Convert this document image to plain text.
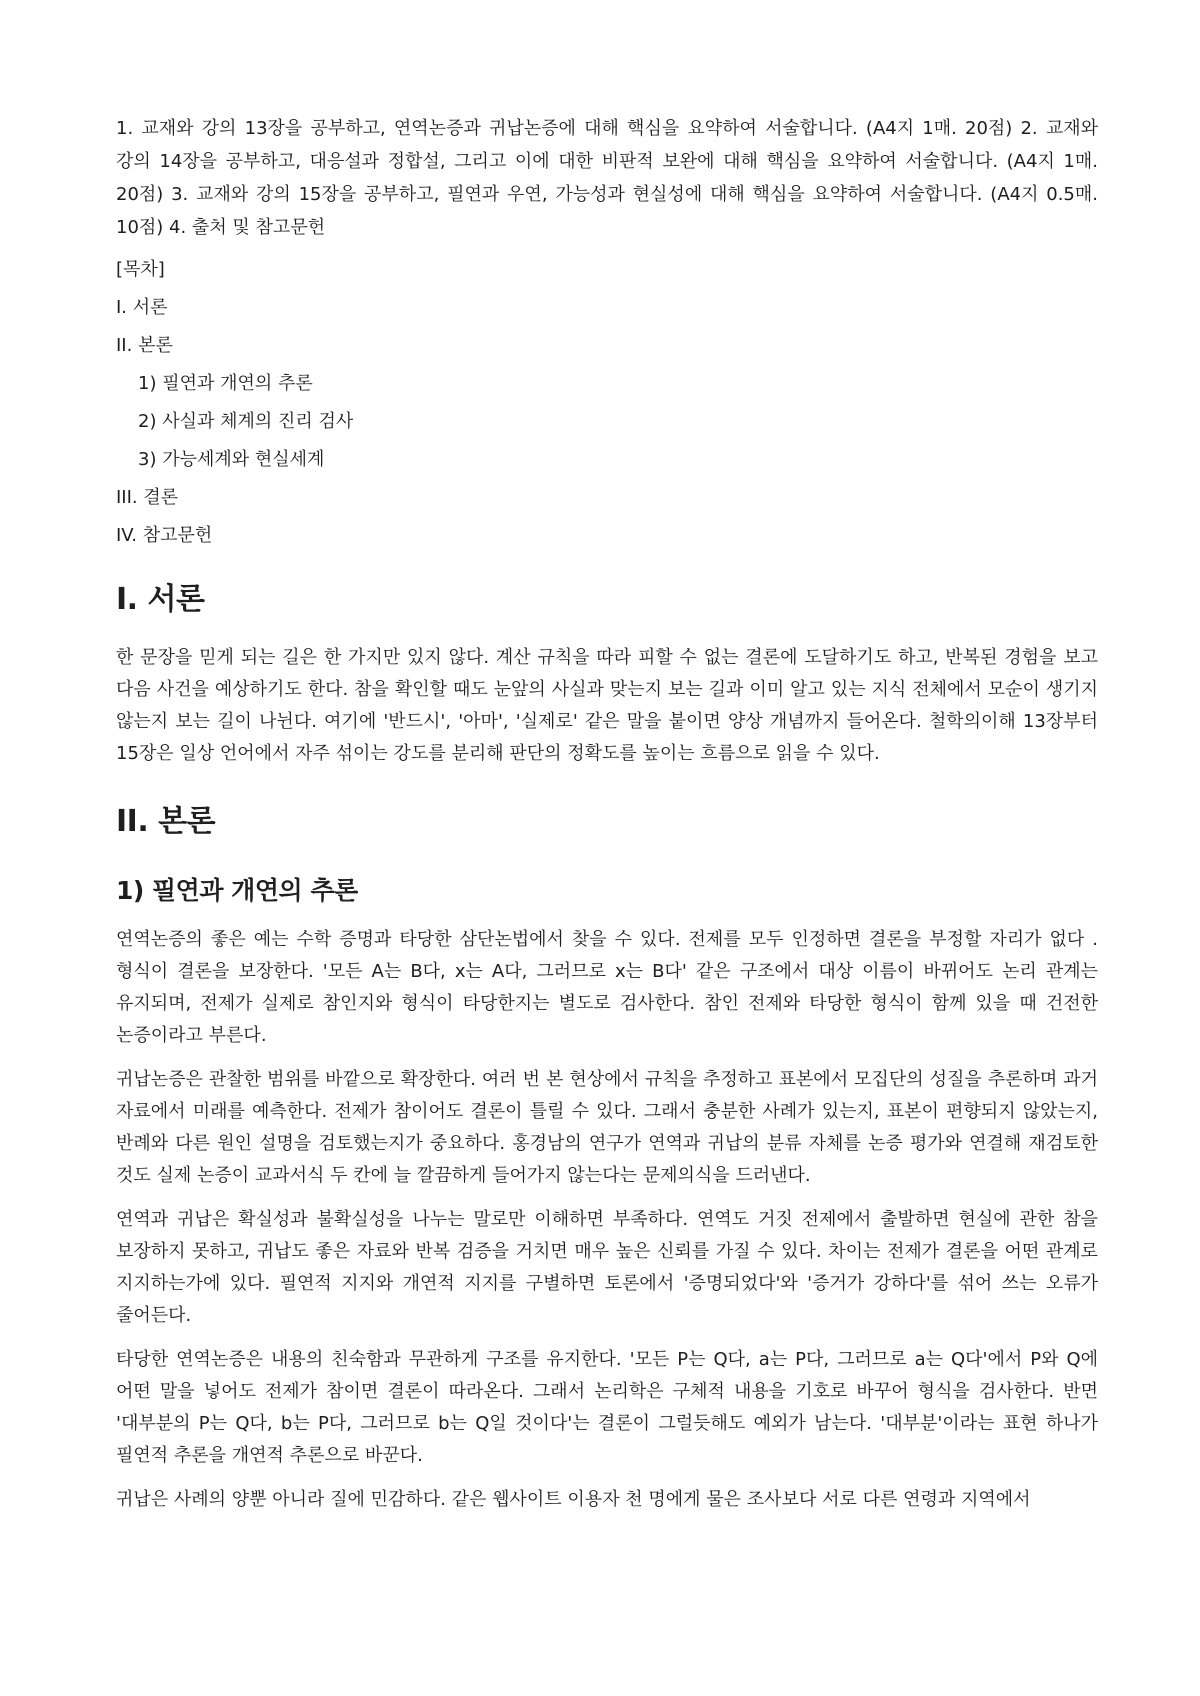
1. 교재와 강의 13장을 공부하고, 연역논증과 귀납논증에 대해 핵심을 요약하여 서술합니다. (A4지 1매. 20점) 2. 교재와 강의 14장을 공부하고, 대응설과 정합설, 그리고 이에 대한 비판적 보완에 대해 핵심을 요약하여 서술합니다. (A4지 1매. 20점) 3. 교재와 강의 15장을 공부하고, 필연과 우연, 가능성과 현실성에 대해 핵심을 요약하여 서술합니다. (A4지 0.5매. 10점) 4. 출처 및 참고문헌

[목차]

I. 서론

II. 본론

1) 필연과 개연의 추론

2) 사실과 체계의 진리 검사

3) 가능세계와 현실세계

III. 결론

IV. 참고문헌

I. 서론

한 문장을 믿게 되는 길은 한 가지만 있지 않다. 계산 규칙을 따라 피할 수 없는 결론에 도달하기도 하고, 반복된 경험을 보고 다음 사건을 예상하기도 한다. 참을 확인할 때도 눈앞의 사실과 맞는지 보는 길과 이미 알고 있는 지식 전체에서 모순이 생기지 않는지 보는 길이 나뉜다. 여기에 '반드시', '아마', '실제로' 같은 말을 붙이면 양상 개념까지 들어온다. 철학의이해 13장부터 15장은 일상 언어에서 자주 섞이는 강도를 분리해 판단의 정확도를 높이는 흐름으로 읽을 수 있다.

II. 본론
1) 필연과 개연의 추론

연역논증의 좋은 예는 수학 증명과 타당한 삼단논법에서 찾을 수 있다. 전제를 모두 인정하면 결론을 부정할 자리가 없다 . 형식이 결론을 보장한다. '모든 A는 B다, x는 A다, 그러므로 x는 B다' 같은 구조에서 대상 이름이 바뀌어도 논리 관계는 유지되며, 전제가 실제로 참인지와 형식이 타당한지는 별도로 검사한다. 참인 전제와 타당한 형식이 함께 있을 때 건전한 논증이라고 부른다.

귀납논증은 관찰한 범위를 바깥으로 확장한다. 여러 번 본 현상에서 규칙을 추정하고 표본에서 모집단의 성질을 추론하며 과거 자료에서 미래를 예측한다. 전제가 참이어도 결론이 틀릴 수 있다. 그래서 충분한 사례가 있는지, 표본이 편향되지 않았는지, 반례와 다른 원인 설명을 검토했는지가 중요하다. 홍경남의 연구가 연역과 귀납의 분류 자체를 논증 평가와 연결해 재검토한 것도 실제 논증이 교과서식 두 칸에 늘 깔끔하게 들어가지 않는다는 문제의식을 드러낸다.

연역과 귀납은 확실성과 불확실성을 나누는 말로만 이해하면 부족하다. 연역도 거짓 전제에서 출발하면 현실에 관한 참을 보장하지 못하고, 귀납도 좋은 자료와 반복 검증을 거치면 매우 높은 신뢰를 가질 수 있다. 차이는 전제가 결론을 어떤 관계로 지지하는가에 있다. 필연적 지지와 개연적 지지를 구별하면 토론에서 '증명되었다'와 '증거가 강하다'를 섞어 쓰는 오류가 줄어든다.

타당한 연역논증은 내용의 친숙함과 무관하게 구조를 유지한다. '모든 P는 Q다, a는 P다, 그러므로 a는 Q다'에서 P와 Q에 어떤 말을 넣어도 전제가 참이면 결론이 따라온다. 그래서 논리학은 구체적 내용을 기호로 바꾸어 형식을 검사한다. 반면 '대부분의 P는 Q다, b는 P다, 그러므로 b는 Q일 것이다'는 결론이 그럴듯해도 예외가 남는다. '대부분'이라는 표현 하나가 필연적 추론을 개연적 추론으로 바꾼다.

귀납은 사례의 양뿐 아니라 질에 민감하다. 같은 웹사이트 이용자 천 명에게 물은 조사보다 서로 다른 연령과 지역에서
